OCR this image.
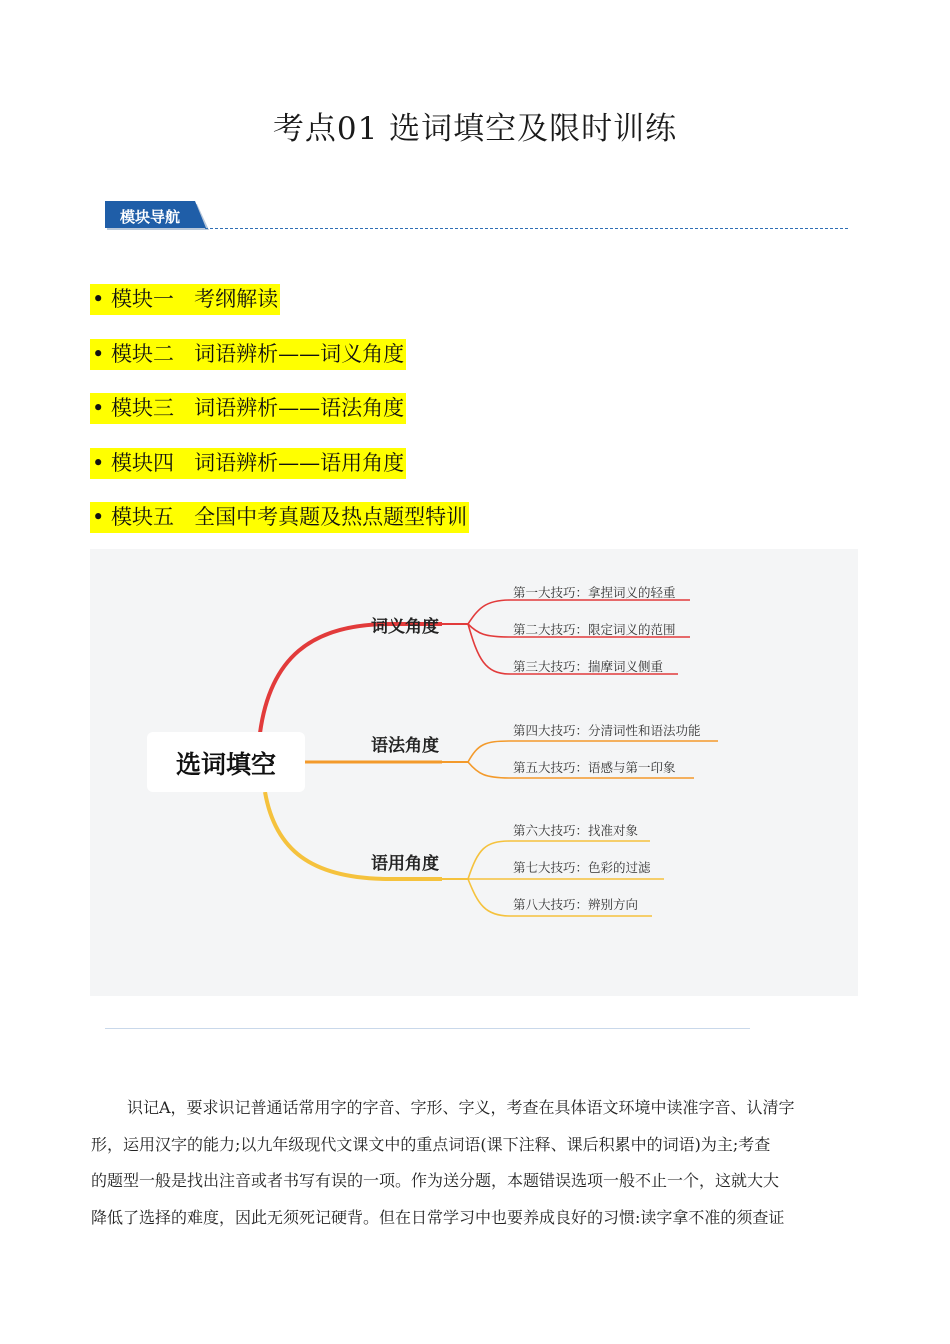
考点01 选词填空及限时训练
模块导航
• 模块一   考纲解读
• 模块二   词语辨析——词义角度
• 模块三   词语辨析——语法角度
• 模块四   词语辨析——语用角度
• 模块五   全国中考真题及热点题型特训
选词填空
词义角度
语法角度
语用角度
第一大技巧：拿捏词义的轻重
第二大技巧：限定词义的范围
第三大技巧：揣摩词义侧重
第四大技巧：分清词性和语法功能
第五大技巧：语感与第一印象
第六大技巧：找准对象
第七大技巧：色彩的过滤
第八大技巧：辨别方向

识记A，要求识记普通话常用字的字音、字形、字义，考查在具体语文环境中读准字音、认清字

形，运用汉字的能力;以九年级现代文课文中的重点词语(课下注释、课后积累中的词语)为主;考查

的题型一般是找出注音或者书写有误的一项。作为送分题，本题错误选项一般不止一个，这就大大

降低了选择的难度，因此无须死记硬背。但在日常学习中也要养成良好的习惯:读字拿不准的须查证
